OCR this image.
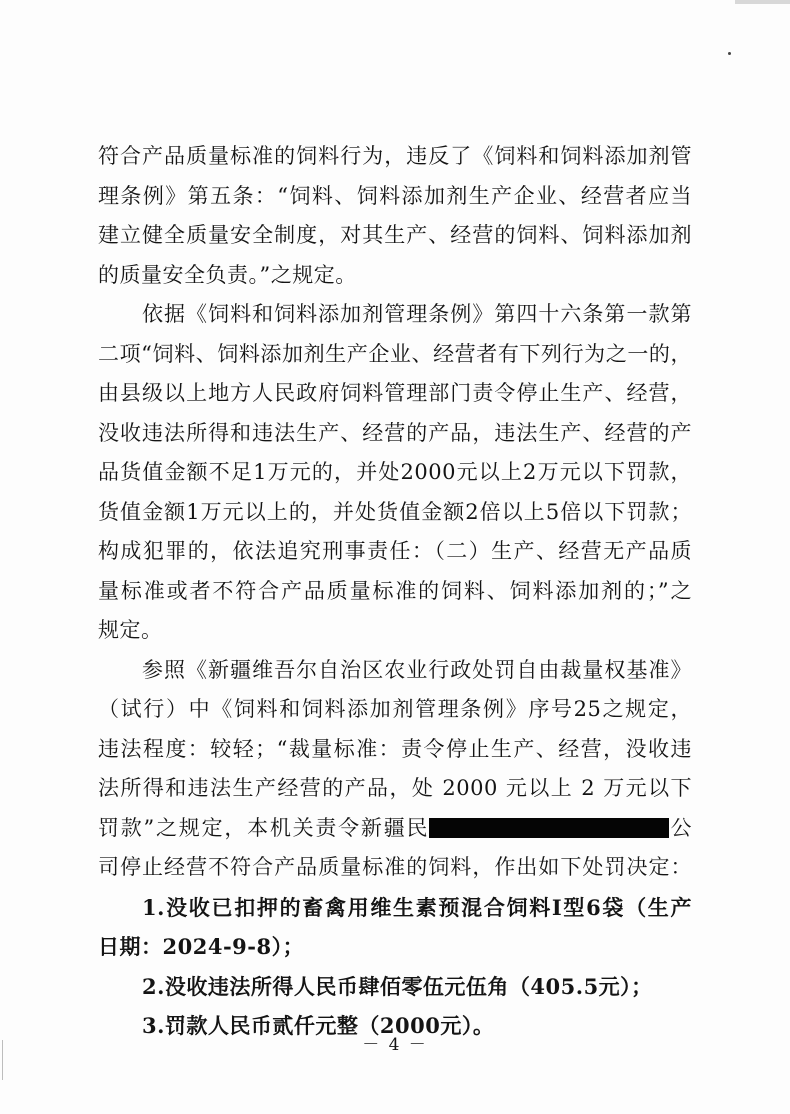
符合产品质量标准的饲料行为，违反了《饲料和饲料添加剂管

理条例》第五条：“饲料、饲料添加剂生产企业、经营者应当

建立健全质量安全制度，对其生产、经营的饲料、饲料添加剂

的质量安全负责。”之规定。

依据《饲料和饲料添加剂管理条例》第四十六条第一款第

二项“饲料、饲料添加剂生产企业、经营者有下列行为之一的，

由县级以上地方人民政府饲料管理部门责令停止生产、经营，

没收违法所得和违法生产、经营的产品，违法生产、经营的产

品货值金额不足1万元的，并处2000元以上2万元以下罚款，

货值金额1万元以上的，并处货值金额2倍以上5倍以下罚款；

构成犯罪的，依法追究刑事责任：（二）生产、经营无产品质

量标准或者不符合产品质量标准的饲料、饲料添加剂的；”之

规定。

参照《新疆维吾尔自治区农业行政处罚自由裁量权基准》

（试行）中《饲料和饲料添加剂管理条例》序号25之规定，

违法程度：较轻；“裁量标准：责令停止生产、经营，没收违

法所得和违法生产经营的产品，处 2000 元以上 2 万元以下

罚款”之规定，本机关责令新疆民	公

司停止经营不符合产品质量标准的饲料，作出如下处罚决定：

1.没收已扣押的畜禽用维生素预混合饲料Ⅰ型6袋（生产

日期：2024-9-8）；

2.没收违法所得人民币肆佰零伍元伍角（405.5元）；

3.罚款人民币贰仟元整（2000元）。

－ 4 －
